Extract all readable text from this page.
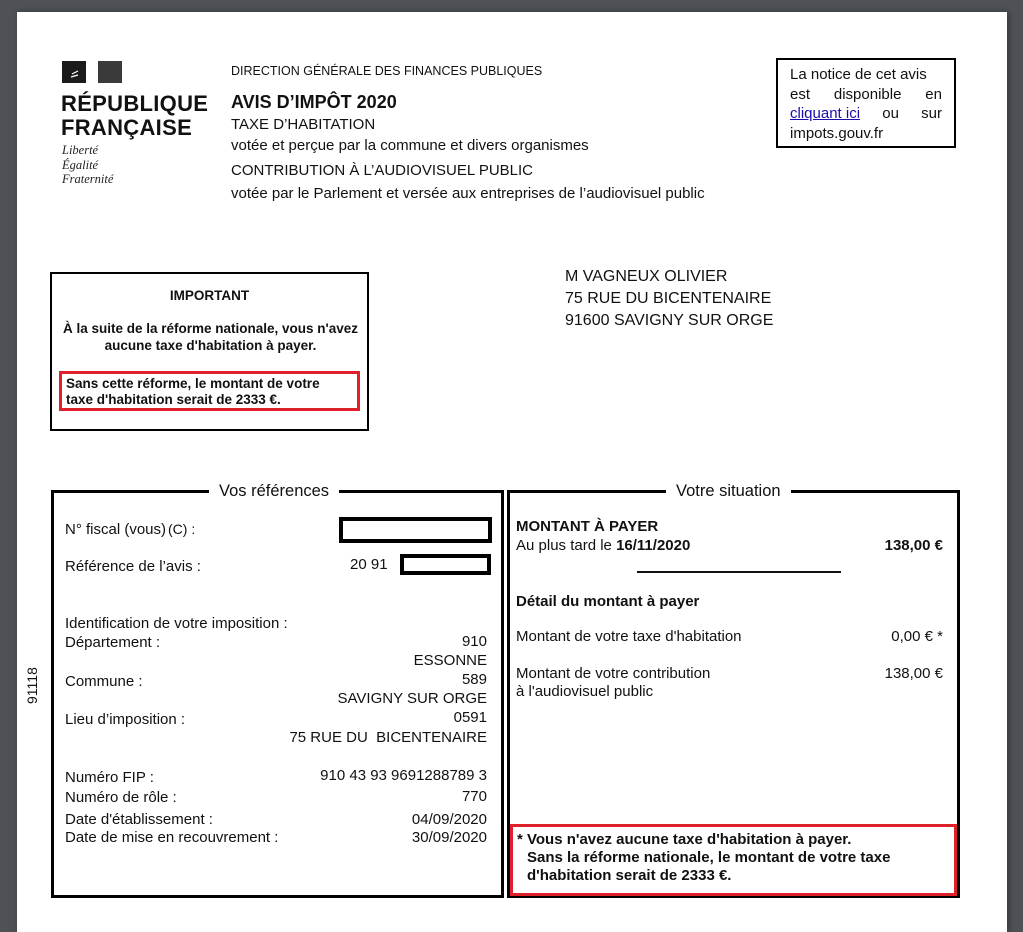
RÉPUBLIQUE
FRANÇAISE
Liberté
Égalité
Fraternité
DIRECTION GÉNÉRALE DES FINANCES PUBLIQUES
AVIS D’IMPÔT 2020
TAXE D’HABITATION
votée et perçue par la commune et divers organismes
CONTRIBUTION À L’AUDIOVISUEL PUBLIC
votée par le Parlement et versée aux entreprises de l’audiovisuel public
La notice de cet avis
est disponible en
cliquant ici ou sur
impots.gouv.fr
IMPORTANT
À la suite de la réforme nationale, vous n'avez aucune taxe d'habitation à payer.
Sans cette réforme, le montant de votre
taxe d'habitation serait de 2333 €.
M VAGNEUX OLIVIER
75 RUE DU BICENTENAIRE
91600 SAVIGNY SUR ORGE
91118
Vos références
N° fiscal (vous) (C) :
Référence de l’avis :	20 91
Identification de votre imposition :
Département :	910
ESSONNE
Commune :	589
SAVIGNY SUR ORGE
Lieu d’imposition :	0591
75 RUE DU  BICENTENAIRE
Numéro FIP :	910 43 93 9691288789 3
Numéro de rôle :	770
Date d'établissement :	04/09/2020
Date de mise en recouvrement :	30/09/2020
Votre situation
MONTANT À PAYER
Au plus tard le 16/11/2020	138,00 €
Détail du montant à payer
Montant de votre taxe d'habitation	0,00 € *
Montant de votre contribution
à l'audiovisuel public
138,00 €
* Vous n'avez aucune taxe d'habitation à payer.
Sans la réforme nationale, le montant de votre taxe
d'habitation serait de 2333 €.
